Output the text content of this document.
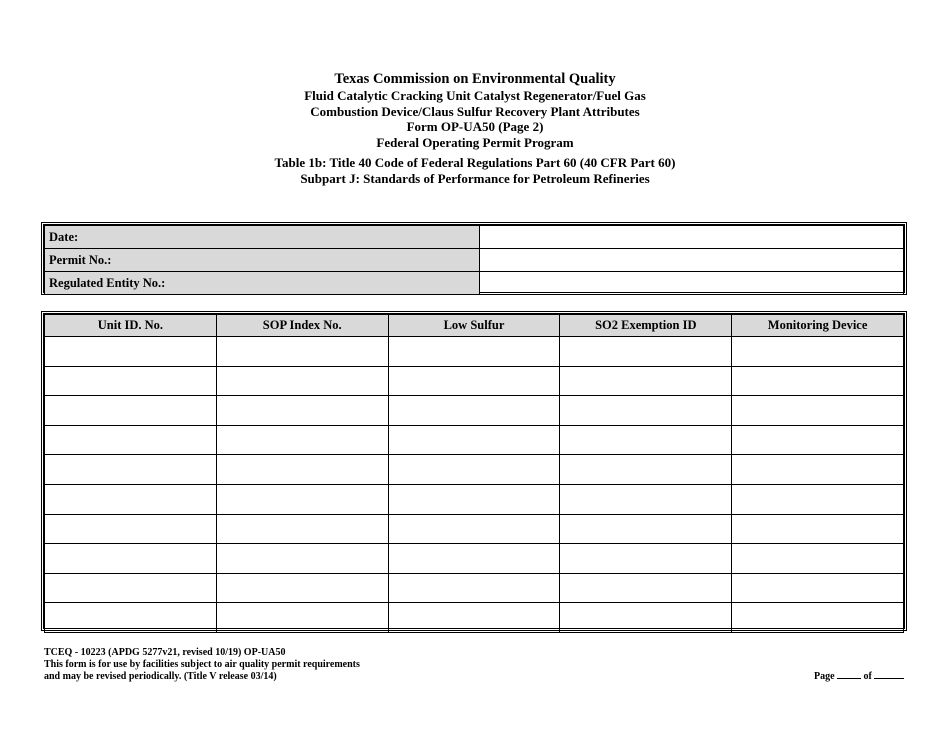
Texas Commission on Environmental Quality
Fluid Catalytic Cracking Unit Catalyst Regenerator/Fuel Gas
Combustion Device/Claus Sulfur Recovery Plant Attributes
Form OP-UA50 (Page 2)
Federal Operating Permit Program
Table 1b: Title 40 Code of Federal Regulations Part 60 (40 CFR Part 60)
Subpart J: Standards of Performance for Petroleum Refineries
Date:	
Permit No.:	
Regulated Entity No.:	
Unit ID. No.	SOP Index No.	Low Sulfur	SO2 Exemption ID	Monitoring Device

TCEQ - 10223 (APDG 5277v21, revised 10/19) OP-UA50
This form is for use by facilities subject to air quality permit requirements
and may be revised periodically. (Title V release 03/14)	Page	of
